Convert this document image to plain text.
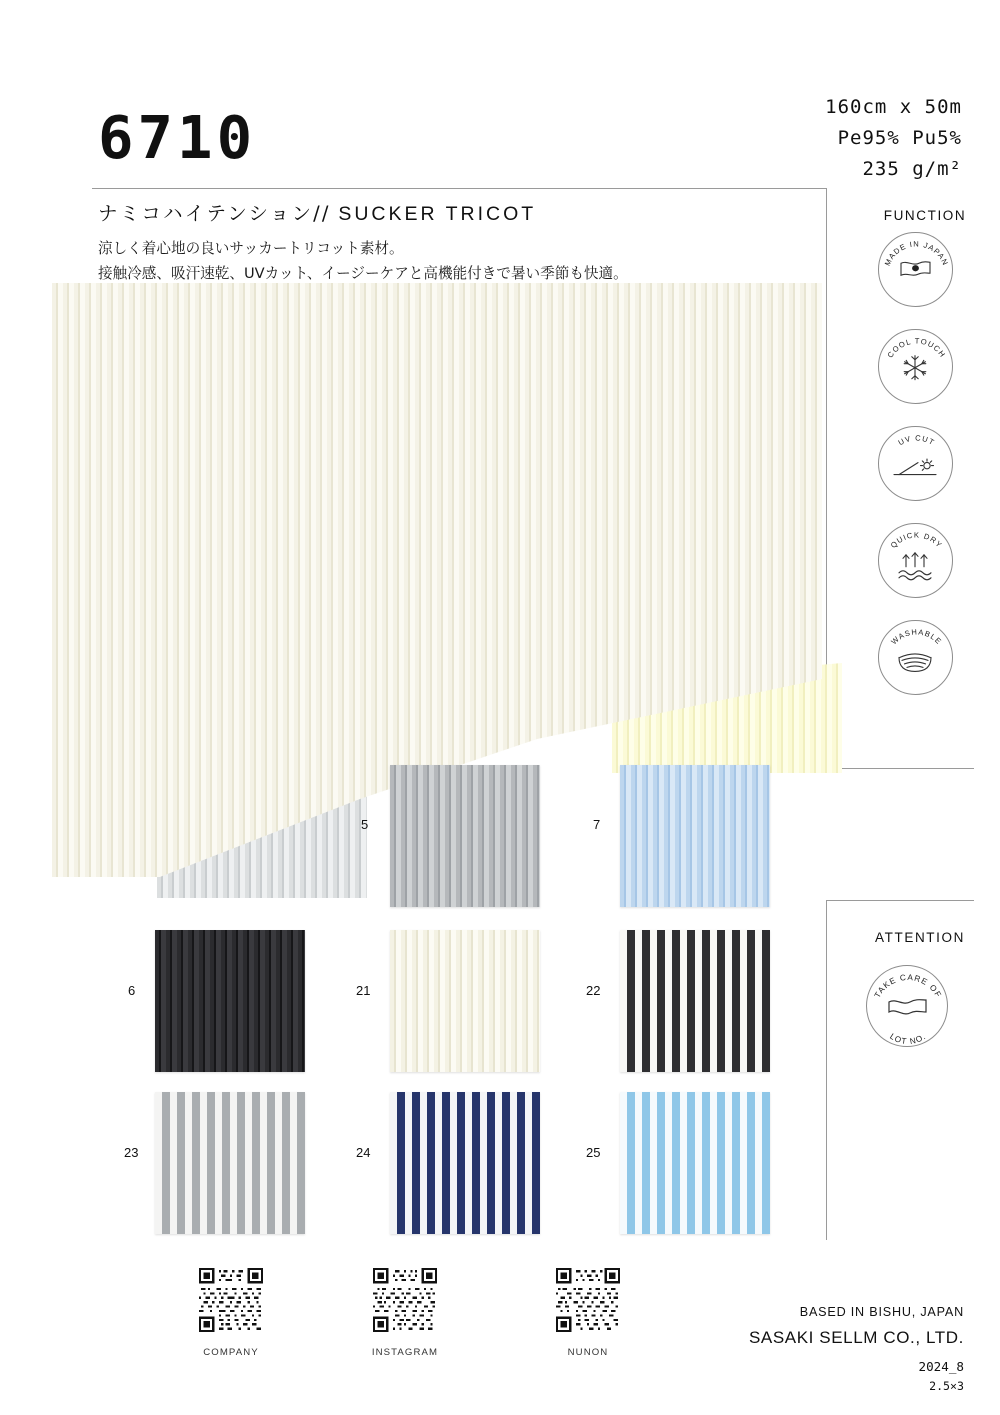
6710	160cm x 50m
Pe95% Pu5%
235 g/m²
ナミコハイテンション// SUCKER TRICOT
涼しく着心地の良いサッカートリコット素材。
接触冷感、吸汗速乾、UVカット、イージーケアと高機能付きで暑い季節も快適。
FUNCTION
MADE IN JAPAN
COOL TOUCH
UV CUT
QUICK DRY
WASHABLE
ATTENTION
TAKE CARE OF
LOT NO.
5	7
6	21	22
23	24	25
COMPANY	INSTAGRAM	NUNON
BASED IN BISHU, JAPAN
SASAKI SELLM CO., LTD.
2024_8
2.5×3
